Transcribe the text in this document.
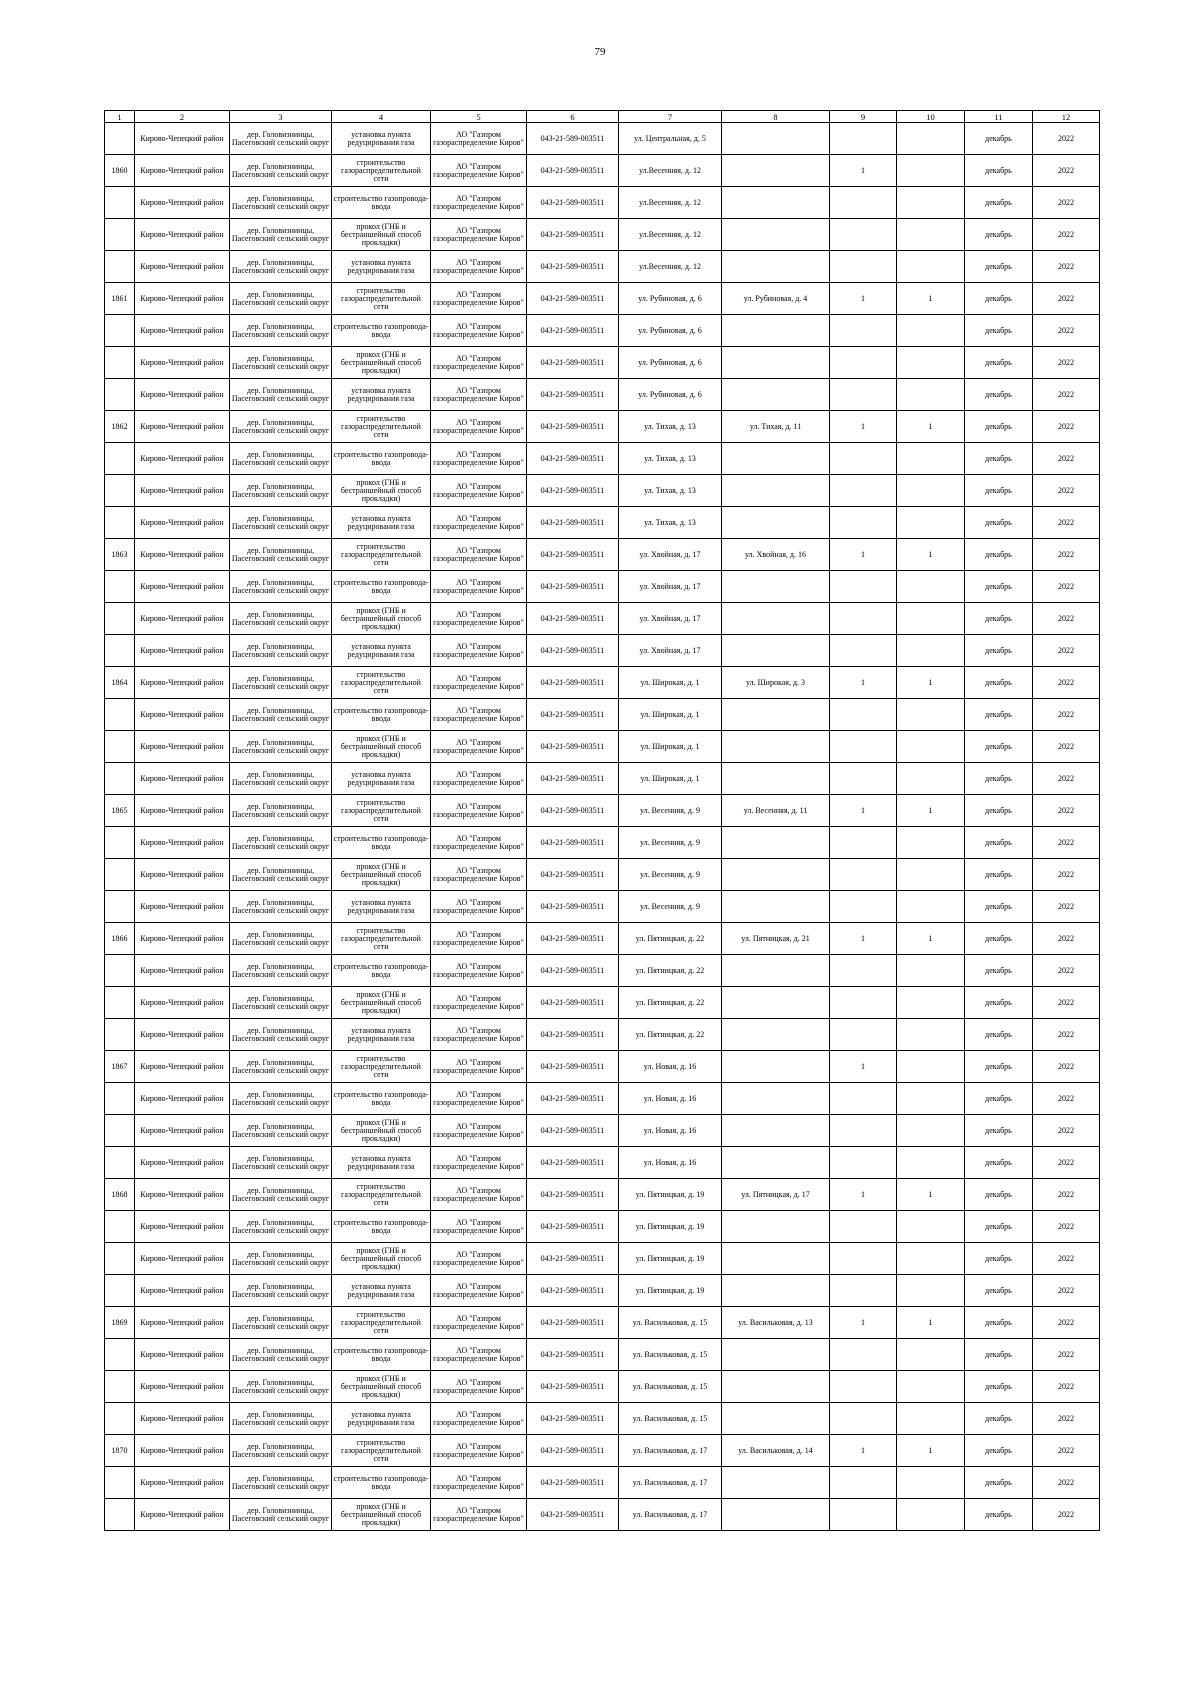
79
1	2	3	4	5	6	7	8	9	10	11	12

	Кирово-Чепецкий район	дер. Головизнинцы, Пасеговский сельский округ	установка пункта редуцирования газа	АО "Газпром газораспределение Киров"	043-21-589-003511	ул. Центральная, д. 5				декабрь	2022

1860	Кирово-Чепецкий район	дер. Головизнинцы, Пасеговский сельский округ	строительство газораспределительной сети	АО "Газпром газораспределение Киров"	043-21-589-003511	ул.Весенняя, д. 12		1		декабрь	2022

	Кирово-Чепецкий район	дер. Головизнинцы, Пасеговский сельский округ	строительство газопровода-ввода	АО "Газпром газораспределение Киров"	043-21-589-003511	ул.Весенняя, д. 12				декабрь	2022

	Кирово-Чепецкий район	дер. Головизнинцы, Пасеговский сельский округ	прокол (ГНБ и бестраншейный способ прокладки)	АО "Газпром газораспределение Киров"	043-21-589-003511	ул.Весенняя, д. 12				декабрь	2022

	Кирово-Чепецкий район	дер. Головизнинцы, Пасеговский сельский округ	установка пункта редуцирования газа	АО "Газпром газораспределение Киров"	043-21-589-003511	ул.Весенняя, д. 12				декабрь	2022

1861	Кирово-Чепецкий район	дер. Головизнинцы, Пасеговский сельский округ	строительство газораспределительной сети	АО "Газпром газораспределение Киров"	043-21-589-003511	ул. Рубиновая, д. 6	ул. Рубиновая, д. 4	1	1	декабрь	2022

	Кирово-Чепецкий район	дер. Головизнинцы, Пасеговский сельский округ	строительство газопровода-ввода	АО "Газпром газораспределение Киров"	043-21-589-003511	ул. Рубиновая, д. 6				декабрь	2022

	Кирово-Чепецкий район	дер. Головизнинцы, Пасеговский сельский округ	прокол (ГНБ и бестраншейный способ прокладки)	АО "Газпром газораспределение Киров"	043-21-589-003511	ул. Рубиновая, д. 6				декабрь	2022

	Кирово-Чепецкий район	дер. Головизнинцы, Пасеговский сельский округ	установка пункта редуцирования газа	АО "Газпром газораспределение Киров"	043-21-589-003511	ул. Рубиновая, д. 6				декабрь	2022

1862	Кирово-Чепецкий район	дер. Головизнинцы, Пасеговский сельский округ	строительство газораспределительной сети	АО "Газпром газораспределение Киров"	043-21-589-003511	ул. Тихая, д. 13	ул. Тихая, д. 11	1	1	декабрь	2022

	Кирово-Чепецкий район	дер. Головизнинцы, Пасеговский сельский округ	строительство газопровода-ввода	АО "Газпром газораспределение Киров"	043-21-589-003511	ул. Тихая, д. 13				декабрь	2022

	Кирово-Чепецкий район	дер. Головизнинцы, Пасеговский сельский округ	прокол (ГНБ и бестраншейный способ прокладки)	АО "Газпром газораспределение Киров"	043-21-589-003511	ул. Тихая, д. 13				декабрь	2022

	Кирово-Чепецкий район	дер. Головизнинцы, Пасеговский сельский округ	установка пункта редуцирования газа	АО "Газпром газораспределение Киров"	043-21-589-003511	ул. Тихая, д. 13				декабрь	2022

1863	Кирово-Чепецкий район	дер. Головизнинцы, Пасеговский сельский округ	строительство газораспределительной сети	АО "Газпром газораспределение Киров"	043-21-589-003511	ул. Хвойная, д. 17	ул. Хвойная, д. 16	1	1	декабрь	2022

	Кирово-Чепецкий район	дер. Головизнинцы, Пасеговский сельский округ	строительство газопровода-ввода	АО "Газпром газораспределение Киров"	043-21-589-003511	ул. Хвойная, д. 17				декабрь	2022

	Кирово-Чепецкий район	дер. Головизнинцы, Пасеговский сельский округ	прокол (ГНБ и бестраншейный способ прокладки)	АО "Газпром газораспределение Киров"	043-21-589-003511	ул. Хвойная, д. 17				декабрь	2022

	Кирово-Чепецкий район	дер. Головизнинцы, Пасеговский сельский округ	установка пункта редуцирования газа	АО "Газпром газораспределение Киров"	043-21-589-003511	ул. Хвойная, д. 17				декабрь	2022

1864	Кирово-Чепецкий район	дер. Головизнинцы, Пасеговский сельский округ	строительство газораспределительной сети	АО "Газпром газораспределение Киров"	043-21-589-003511	ул. Широкая, д. 1	ул. Широкая, д. 3	1	1	декабрь	2022

	Кирово-Чепецкий район	дер. Головизнинцы, Пасеговский сельский округ	строительство газопровода-ввода	АО "Газпром газораспределение Киров"	043-21-589-003511	ул. Широкая, д. 1				декабрь	2022

	Кирово-Чепецкий район	дер. Головизнинцы, Пасеговский сельский округ	прокол (ГНБ и бестраншейный способ прокладки)	АО "Газпром газораспределение Киров"	043-21-589-003511	ул. Широкая, д. 1				декабрь	2022

	Кирово-Чепецкий район	дер. Головизнинцы, Пасеговский сельский округ	установка пункта редуцирования газа	АО "Газпром газораспределение Киров"	043-21-589-003511	ул. Широкая, д. 1				декабрь	2022

1865	Кирово-Чепецкий район	дер. Головизнинцы, Пасеговский сельский округ	строительство газораспределительной сети	АО "Газпром газораспределение Киров"	043-21-589-003511	ул. Весенняя, д. 9	ул. Весенняя, д. 11	1	1	декабрь	2022

	Кирово-Чепецкий район	дер. Головизнинцы, Пасеговский сельский округ	строительство газопровода-ввода	АО "Газпром газораспределение Киров"	043-21-589-003511	ул. Весенняя, д. 9				декабрь	2022

	Кирово-Чепецкий район	дер. Головизнинцы, Пасеговский сельский округ	прокол (ГНБ и бестраншейный способ прокладки)	АО "Газпром газораспределение Киров"	043-21-589-003511	ул. Весенняя, д. 9				декабрь	2022

	Кирово-Чепецкий район	дер. Головизнинцы, Пасеговский сельский округ	установка пункта редуцирования газа	АО "Газпром газораспределение Киров"	043-21-589-003511	ул. Весенняя, д. 9				декабрь	2022

1866	Кирово-Чепецкий район	дер. Головизнинцы, Пасеговский сельский округ	строительство газораспределительной сети	АО "Газпром газораспределение Киров"	043-21-589-003511	ул. Пятницкая, д. 22	ул. Пятницкая, д. 21	1	1	декабрь	2022

	Кирово-Чепецкий район	дер. Головизнинцы, Пасеговский сельский округ	строительство газопровода-ввода	АО "Газпром газораспределение Киров"	043-21-589-003511	ул. Пятницкая, д. 22				декабрь	2022

	Кирово-Чепецкий район	дер. Головизнинцы, Пасеговский сельский округ	прокол (ГНБ и бестраншейный способ прокладки)	АО "Газпром газораспределение Киров"	043-21-589-003511	ул. Пятницкая, д. 22				декабрь	2022

	Кирово-Чепецкий район	дер. Головизнинцы, Пасеговский сельский округ	установка пункта редуцирования газа	АО "Газпром газораспределение Киров"	043-21-589-003511	ул. Пятницкая, д. 22				декабрь	2022

1867	Кирово-Чепецкий район	дер. Головизнинцы, Пасеговский сельский округ	строительство газораспределительной сети	АО "Газпром газораспределение Киров"	043-21-589-003511	ул. Новая, д. 16		1		декабрь	2022

	Кирово-Чепецкий район	дер. Головизнинцы, Пасеговский сельский округ	строительство газопровода-ввода	АО "Газпром газораспределение Киров"	043-21-589-003511	ул. Новая, д. 16				декабрь	2022

	Кирово-Чепецкий район	дер. Головизнинцы, Пасеговский сельский округ	прокол (ГНБ и бестраншейный способ прокладки)	АО "Газпром газораспределение Киров"	043-21-589-003511	ул. Новая, д. 16				декабрь	2022

	Кирово-Чепецкий район	дер. Головизнинцы, Пасеговский сельский округ	установка пункта редуцирования газа	АО "Газпром газораспределение Киров"	043-21-589-003511	ул. Новая, д. 16				декабрь	2022

1868	Кирово-Чепецкий район	дер. Головизнинцы, Пасеговский сельский округ	строительство газораспределительной сети	АО "Газпром газораспределение Киров"	043-21-589-003511	ул. Пятницкая, д. 19	ул. Пятницкая, д. 17	1	1	декабрь	2022

	Кирово-Чепецкий район	дер. Головизнинцы, Пасеговский сельский округ	строительство газопровода-ввода	АО "Газпром газораспределение Киров"	043-21-589-003511	ул. Пятницкая, д. 19				декабрь	2022

	Кирово-Чепецкий район	дер. Головизнинцы, Пасеговский сельский округ	прокол (ГНБ и бестраншейный способ прокладки)	АО "Газпром газораспределение Киров"	043-21-589-003511	ул. Пятницкая, д. 19				декабрь	2022

	Кирово-Чепецкий район	дер. Головизнинцы, Пасеговский сельский округ	установка пункта редуцирования газа	АО "Газпром газораспределение Киров"	043-21-589-003511	ул. Пятницкая, д. 19				декабрь	2022

1869	Кирово-Чепецкий район	дер. Головизнинцы, Пасеговский сельский округ	строительство газораспределительной сети	АО "Газпром газораспределение Киров"	043-21-589-003511	ул. Васильковая, д. 15	ул. Васильковая, д. 13	1	1	декабрь	2022

	Кирово-Чепецкий район	дер. Головизнинцы, Пасеговский сельский округ	строительство газопровода-ввода	АО "Газпром газораспределение Киров"	043-21-589-003511	ул. Васильковая, д. 15				декабрь	2022

	Кирово-Чепецкий район	дер. Головизнинцы, Пасеговский сельский округ	прокол (ГНБ и бестраншейный способ прокладки)	АО "Газпром газораспределение Киров"	043-21-589-003511	ул. Васильковая, д. 15				декабрь	2022

	Кирово-Чепецкий район	дер. Головизнинцы, Пасеговский сельский округ	установка пункта редуцирования газа	АО "Газпром газораспределение Киров"	043-21-589-003511	ул. Васильковая, д. 15				декабрь	2022

1870	Кирово-Чепецкий район	дер. Головизнинцы, Пасеговский сельский округ	строительство газораспределительной сети	АО "Газпром газораспределение Киров"	043-21-589-003511	ул. Васильковая, д. 17	ул. Васильковая, д. 14	1	1	декабрь	2022

	Кирово-Чепецкий район	дер. Головизнинцы, Пасеговский сельский округ	строительство газопровода-ввода	АО "Газпром газораспределение Киров"	043-21-589-003511	ул. Васильковая, д. 17				декабрь	2022

	Кирово-Чепецкий район	дер. Головизнинцы, Пасеговский сельский округ	прокол (ГНБ и бестраншейный способ прокладки)	АО "Газпром газораспределение Киров"	043-21-589-003511	ул. Васильковая, д. 17				декабрь	2022
